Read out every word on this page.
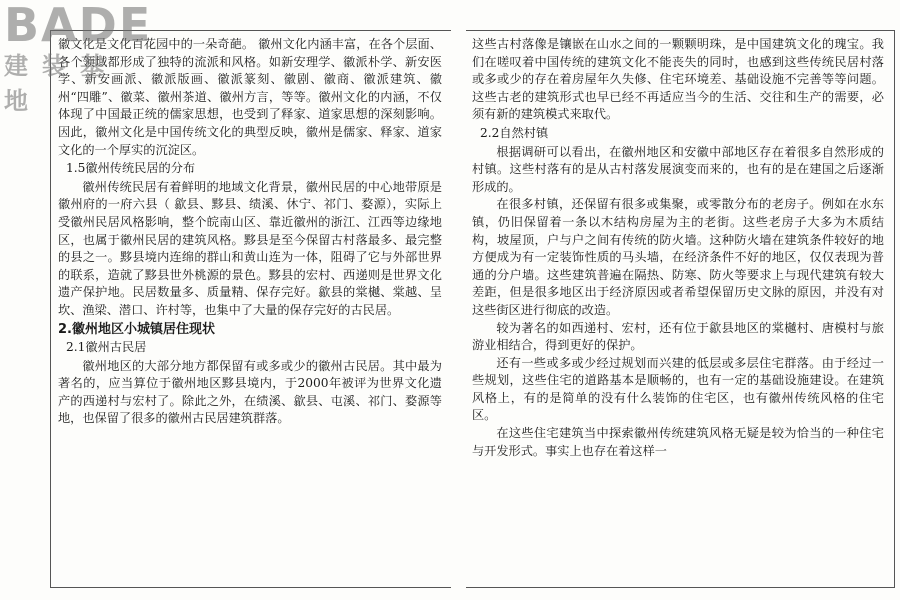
徽文化是文化百花园中的一朵奇葩。 徽州文化内涵丰富，在各个层面、各个领域都形成了独特的流派和风格。如新安理学、徽派朴学、新安医学、新安画派、徽派版画、徽派篆刻、徽剧、徽商、徽派建筑、徽州“四雕”、徽菜、徽州茶道、徽州方言，等等。徽州文化的内涵，不仅体现了中国最正统的儒家思想，也受到了释家、道家思想的深刻影响。因此，徽州文化是中国传统文化的典型反映，徽州是儒家、释家、道家文化的一个厚实的沉淀区。
1.5徽州传统民居的分布
徽州传统民居有着鲜明的地域文化背景，徽州民居的中心地带原是徽州府的一府六县（ 歙县、黟县、绩溪、休宁、祁门、婺源），实际上受徽州民居风格影响，整个皖南山区、靠近徽州的浙江、江西等边缘地区，也属于徽州民居的建筑风格。黟县是至今保留古村落最多、最完整的县之一。黟县境内连绵的群山和黄山连为一体，阻碍了它与外部世界的联系，造就了黟县世外桃源的景色。黟县的宏村、西递则是世界文化遗产保护地。民居数量多、质量精、保存完好。歙县的棠樾、棠越、呈坎、渔梁、潜口、许村等，也集中了大量的保存完好的古民居。
2.徽州地区小城镇居住现状
2.1徽州古民居
徽州地区的大部分地方都保留有或多或少的徽州古民居。其中最为著名的，应当算位于徽州地区黟县境内，于2000年被评为世界文化遗产的西递村与宏村了。除此之外，在绩溪、歙县、屯溪、祁门、婺源等地，也保留了很多的徽州古民居建筑群落。
这些古村落像是镶嵌在山水之间的一颗颗明珠，是中国建筑文化的瑰宝。我们在嗟叹着中国传统的建筑文化不能丧失的同时，也感到这些传统民居村落或多或少的存在着房屋年久失修、住宅环境差、基础设施不完善等等问题。这些古老的建筑形式也早已经不再适应当今的生活、交往和生产的需要，必须有新的建筑模式来取代。
2.2自然村镇
根据调研可以看出，在徽州地区和安徽中部地区存在着很多自然形成的村镇。这些村落有的是从古村落发展演变而来的，也有的是在建国之后逐渐形成的。
在很多村镇，还保留有很多或集聚，或零散分布的老房子。例如在水东镇，仍旧保留着一条以木结构房屋为主的老街。这些老房子大多为木质结构，坡屋顶，户与户之间有传统的防火墙。这种防火墙在建筑条件较好的地方便成为有一定装饰性质的马头墙，在经济条件不好的地区，仅仅表现为普通的分户墙。这些建筑普遍在隔热、防寒、防火等要求上与现代建筑有较大差距，但是很多地区出于经济原因或者希望保留历史文脉的原因，并没有对这些街区进行彻底的改造。
较为著名的如西递村、宏村，还有位于歙县地区的棠樾村、唐模村与旅游业相结合，得到更好的保护。
还有一些或多或少经过规划而兴建的低层或多层住宅群落。由于经过一些规划，这些住宅的道路基本是顺畅的，也有一定的基础设施建设。在建筑风格上，有的是简单的没有什么装饰的住宅区，也有徽州传统风格的住宅区。
在这些住宅建筑当中探索徽州传统建筑风格无疑是较为恰当的一种住宅与开发形式。事实上也存在着这样一
BADE
建装基地
